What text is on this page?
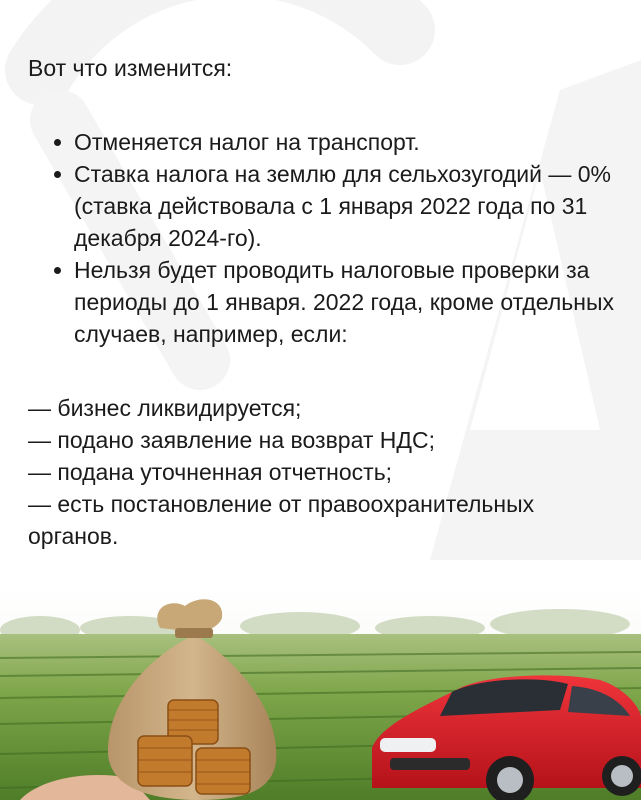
Вот что изменится:

Отменяется налог на транспорт.
Ставка налога на землю для сельхозугодий — 0% (ставка действовала с 1 января 2022 года по 31 декабря 2024-го).
Нельзя будет проводить налоговые проверки за периоды до 1 января. 2022 года, кроме отдельных случаев, например, если:

— бизнес ликвидируется;

— подано заявление на возврат НДС;

— подана уточненная отчетность;

— есть постановление от правоохранительных органов.
